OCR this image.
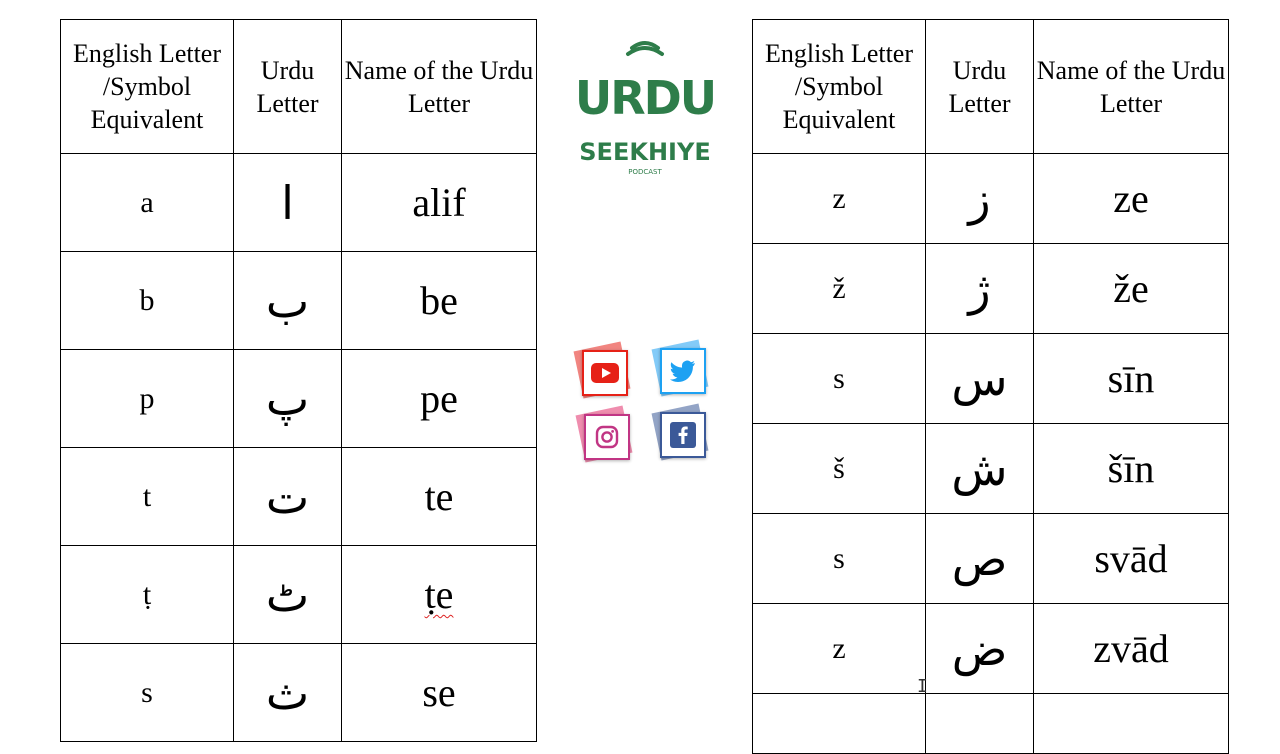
English Letter /Symbol Equivalent	Urdu Letter	Name of the Urdu Letter
a	ا	alif
b	ب	be
p	پ	pe
t	ت	te
ṭ	ٹ	ṭe
s	ث	se
URDU
SEEKHIYE
PODCAST
English Letter /Symbol Equivalent	Urdu Letter	Name of the Urdu Letter
z	ز	ze
ž	ژ	že
s	س	sīn
š	ش	šīn
s	ص	svād
z	ض	zvād

I
